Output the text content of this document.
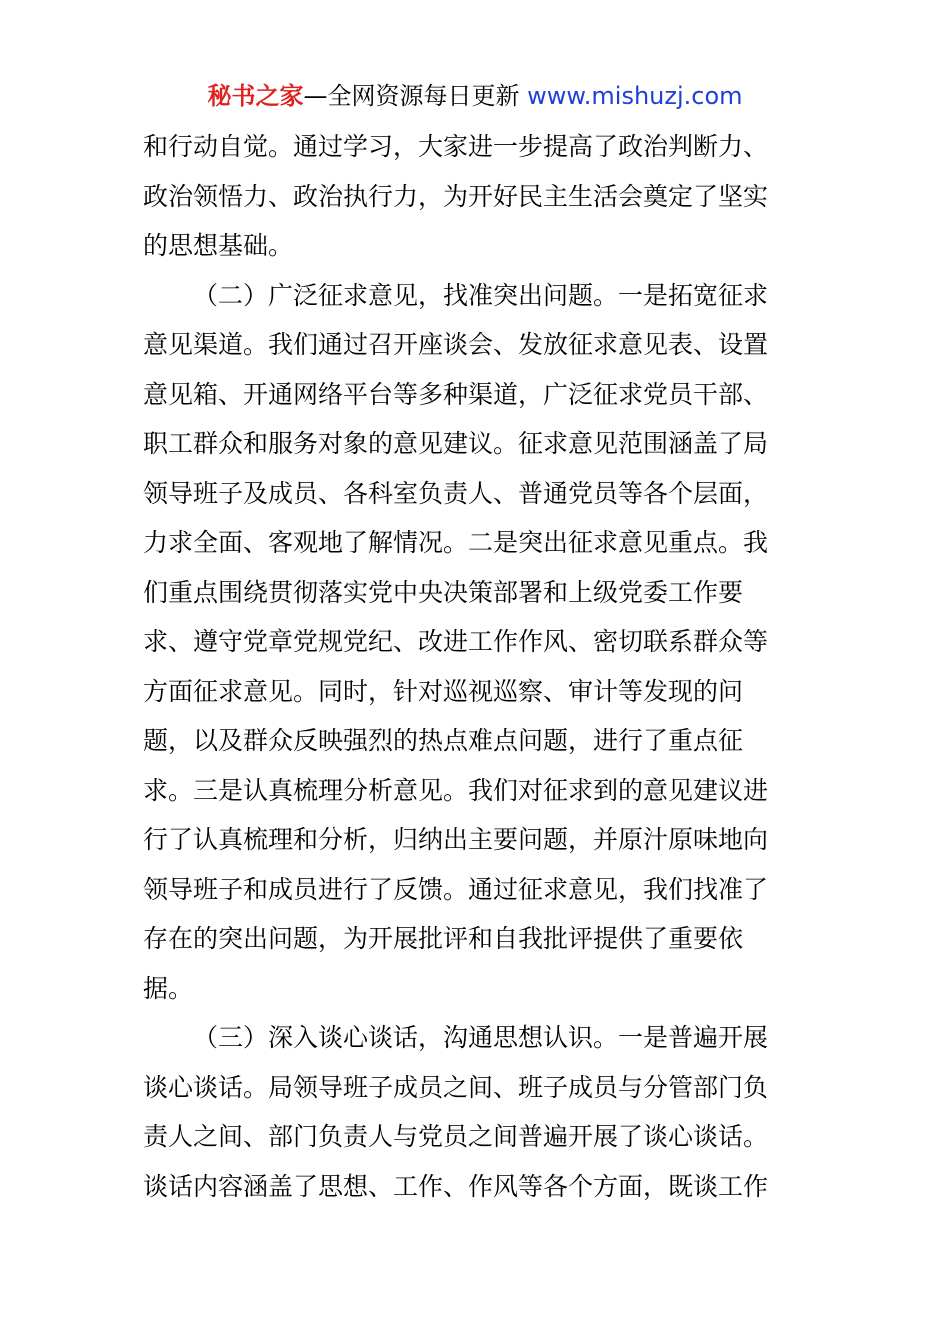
秘书之家—全网资源每日更新 www.mishuzj.com
和行动自觉。通过学习，大家进一步提高了政治判断力、
政治领悟力、政治执行力，为开好民主生活会奠定了坚实
的思想基础。
（二）广泛征求意见，找准突出问题。一是拓宽征求
意见渠道。我们通过召开座谈会、发放征求意见表、设置
意见箱、开通网络平台等多种渠道，广泛征求党员干部、
职工群众和服务对象的意见建议。征求意见范围涵盖了局
领导班子及成员、各科室负责人、普通党员等各个层面，
力求全面、客观地了解情况。二是突出征求意见重点。我
们重点围绕贯彻落实党中央决策部署和上级党委工作要
求、遵守党章党规党纪、改进工作作风、密切联系群众等
方面征求意见。同时，针对巡视巡察、审计等发现的问
题，以及群众反映强烈的热点难点问题，进行了重点征
求。三是认真梳理分析意见。我们对征求到的意见建议进
行了认真梳理和分析，归纳出主要问题，并原汁原味地向
领导班子和成员进行了反馈。通过征求意见，我们找准了
存在的突出问题，为开展批评和自我批评提供了重要依
据。
（三）深入谈心谈话，沟通思想认识。一是普遍开展
谈心谈话。局领导班子成员之间、班子成员与分管部门负
责人之间、部门负责人与党员之间普遍开展了谈心谈话。
谈话内容涵盖了思想、工作、作风等各个方面，既谈工作
